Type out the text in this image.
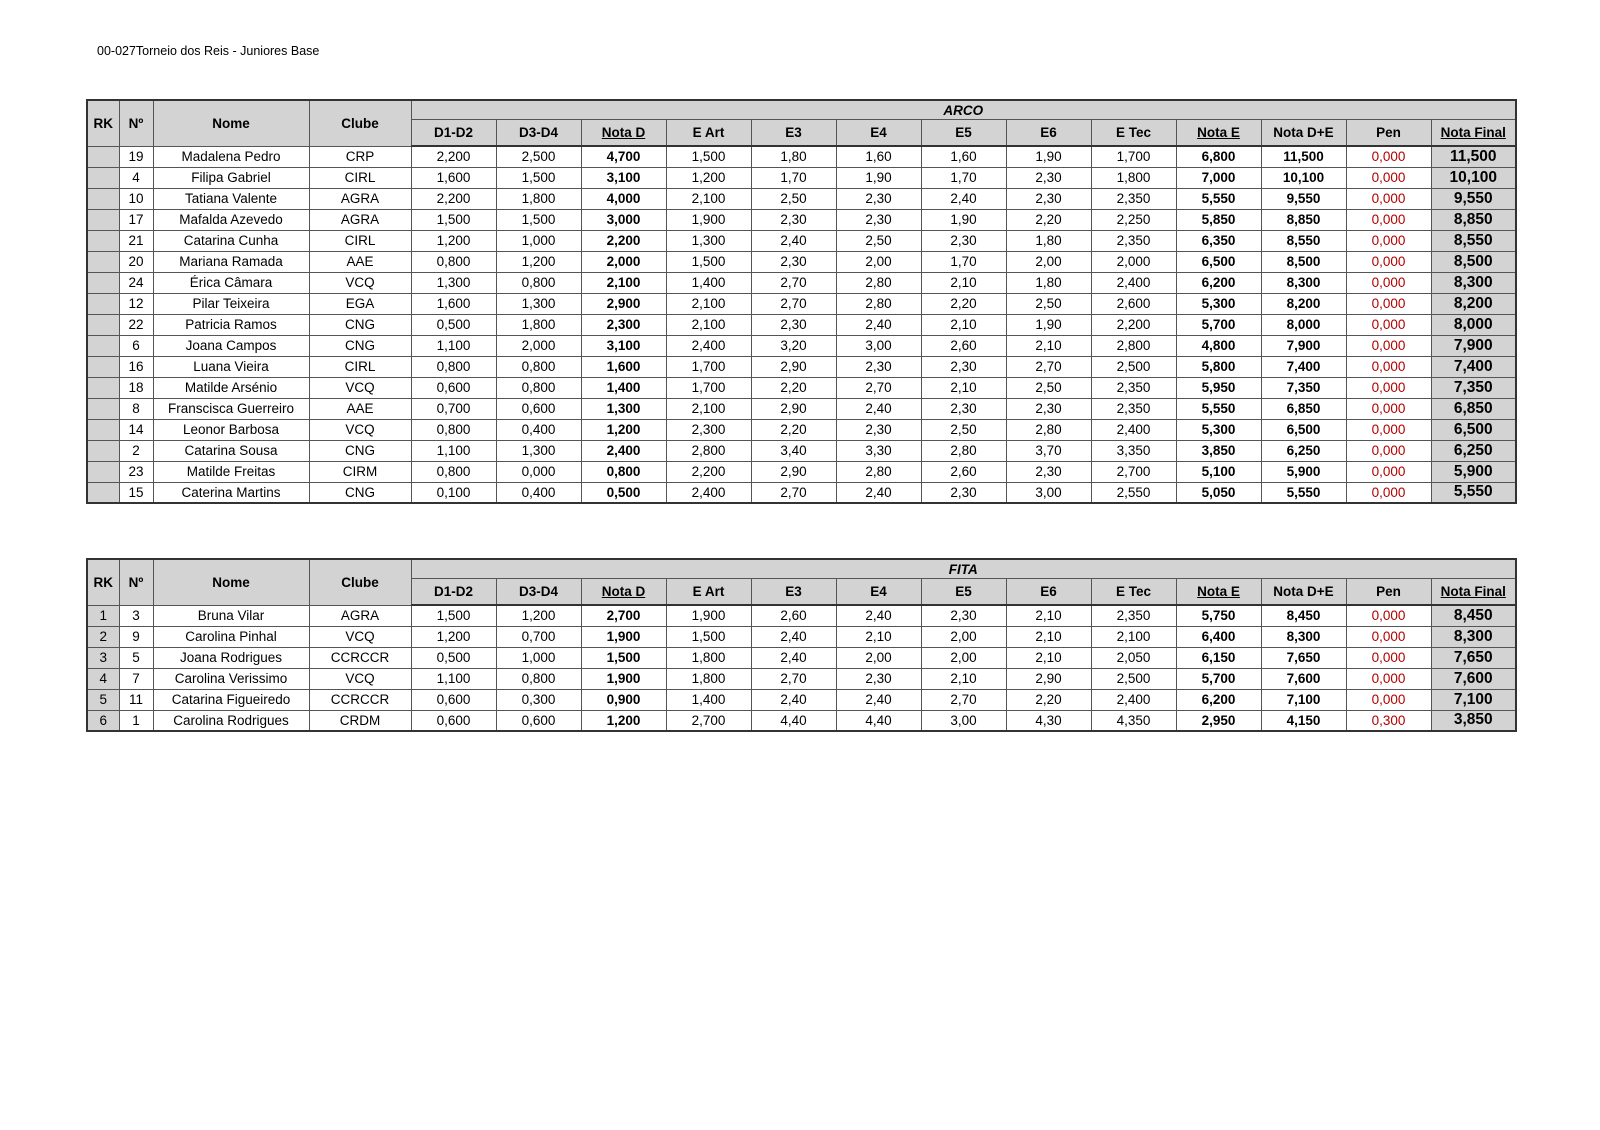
00-027Torneio dos Reis - Juniores Base
RK	Nº	Nome	Clube	ARCO												
				D1-D2	D3-D4	Nota D	E Art	E3	E4	E5	E6	E Tec	Nota E	Nota D+E	Pen	Nota Final
	19	Madalena Pedro	CRP	2,200	2,500	4,700	1,500	1,80	1,60	1,60	1,90	1,700	6,800	11,500	0,000	11,500
	4	Filipa Gabriel	CIRL	1,600	1,500	3,100	1,200	1,70	1,90	1,70	2,30	1,800	7,000	10,100	0,000	10,100
	10	Tatiana Valente	AGRA	2,200	1,800	4,000	2,100	2,50	2,30	2,40	2,30	2,350	5,550	9,550	0,000	9,550
	17	Mafalda Azevedo	AGRA	1,500	1,500	3,000	1,900	2,30	2,30	1,90	2,20	2,250	5,850	8,850	0,000	8,850
	21	Catarina Cunha	CIRL	1,200	1,000	2,200	1,300	2,40	2,50	2,30	1,80	2,350	6,350	8,550	0,000	8,550
	20	Mariana Ramada	AAE	0,800	1,200	2,000	1,500	2,30	2,00	1,70	2,00	2,000	6,500	8,500	0,000	8,500
	24	Érica Câmara	VCQ	1,300	0,800	2,100	1,400	2,70	2,80	2,10	1,80	2,400	6,200	8,300	0,000	8,300
	12	Pilar Teixeira	EGA	1,600	1,300	2,900	2,100	2,70	2,80	2,20	2,50	2,600	5,300	8,200	0,000	8,200
	22	Patricia Ramos	CNG	0,500	1,800	2,300	2,100	2,30	2,40	2,10	1,90	2,200	5,700	8,000	0,000	8,000
	6	Joana Campos	CNG	1,100	2,000	3,100	2,400	3,20	3,00	2,60	2,10	2,800	4,800	7,900	0,000	7,900
	16	Luana Vieira	CIRL	0,800	0,800	1,600	1,700	2,90	2,30	2,30	2,70	2,500	5,800	7,400	0,000	7,400
	18	Matilde Arsénio	VCQ	0,600	0,800	1,400	1,700	2,20	2,70	2,10	2,50	2,350	5,950	7,350	0,000	7,350
	8	Franscisca Guerreiro	AAE	0,700	0,600	1,300	2,100	2,90	2,40	2,30	2,30	2,350	5,550	6,850	0,000	6,850
	14	Leonor Barbosa	VCQ	0,800	0,400	1,200	2,300	2,20	2,30	2,50	2,80	2,400	5,300	6,500	0,000	6,500
	2	Catarina Sousa	CNG	1,100	1,300	2,400	2,800	3,40	3,30	2,80	3,70	3,350	3,850	6,250	0,000	6,250
	23	Matilde Freitas	CIRM	0,800	0,000	0,800	2,200	2,90	2,80	2,60	2,30	2,700	5,100	5,900	0,000	5,900
	15	Caterina Martins	CNG	0,100	0,400	0,500	2,400	2,70	2,40	2,30	3,00	2,550	5,050	5,550	0,000	5,550
RK	Nº	Nome	Clube	FITA												
				D1-D2	D3-D4	Nota D	E Art	E3	E4	E5	E6	E Tec	Nota E	Nota D+E	Pen	Nota Final
1	3	Bruna Vilar	AGRA	1,500	1,200	2,700	1,900	2,60	2,40	2,30	2,10	2,350	5,750	8,450	0,000	8,450
2	9	Carolina Pinhal	VCQ	1,200	0,700	1,900	1,500	2,40	2,10	2,00	2,10	2,100	6,400	8,300	0,000	8,300
3	5	Joana Rodrigues	CCRCCR	0,500	1,000	1,500	1,800	2,40	2,00	2,00	2,10	2,050	6,150	7,650	0,000	7,650
4	7	Carolina Verissimo	VCQ	1,100	0,800	1,900	1,800	2,70	2,30	2,10	2,90	2,500	5,700	7,600	0,000	7,600
5	11	Catarina Figueiredo	CCRCCR	0,600	0,300	0,900	1,400	2,40	2,40	2,70	2,20	2,400	6,200	7,100	0,000	7,100
6	1	Carolina Rodrigues	CRDM	0,600	0,600	1,200	2,700	4,40	4,40	3,00	4,30	4,350	2,950	4,150	0,300	3,850
